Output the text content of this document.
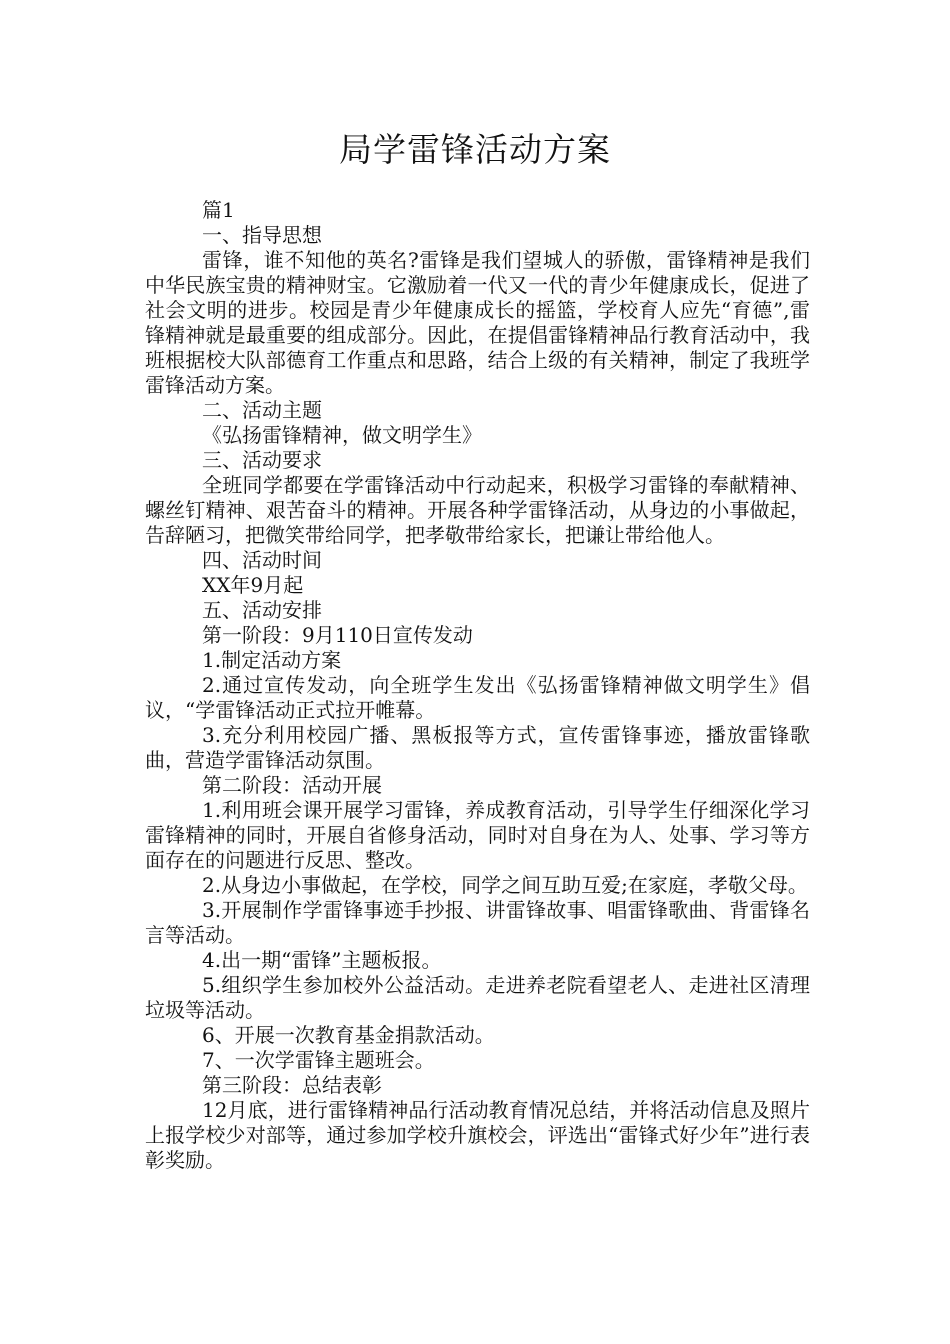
局学雷锋活动方案

篇1

一、指导思想

雷锋，谁不知他的英名?雷锋是我们望城人的骄傲，雷锋精神是我们中华民族宝贵的精神财宝。它激励着一代又一代的青少年健康成长，促进了社会文明的进步。校园是青少年健康成长的摇篮，学校育人应先“育德”,雷锋精神就是最重要的组成部分。因此，在提倡雷锋精神品行教育活动中，我班根据校大队部德育工作重点和思路，结合上级的有关精神，制定了我班学雷锋活动方案。

二、活动主题

《弘扬雷锋精神，做文明学生》

三、活动要求

全班同学都要在学雷锋活动中行动起来，积极学习雷锋的奉献精神、螺丝钉精神、艰苦奋斗的精神。开展各种学雷锋活动，从身边的小事做起，告辞陋习，把微笑带给同学，把孝敬带给家长，把谦让带给他人。

四、活动时间

XX年9月起

五、活动安排

第一阶段：9月110日宣传发动

1.制定活动方案

2.通过宣传发动，向全班学生发出《弘扬雷锋精神做文明学生》倡议，“学雷锋活动正式拉开帷幕。

3.充分利用校园广播、黑板报等方式，宣传雷锋事迹，播放雷锋歌曲，营造学雷锋活动氛围。

第二阶段：活动开展

1.利用班会课开展学习雷锋，养成教育活动，引导学生仔细深化学习雷锋精神的同时，开展自省修身活动，同时对自身在为人、处事、学习等方面存在的问题进行反思、整改。

2.从身边小事做起，在学校，同学之间互助互爱;在家庭，孝敬父母。

3.开展制作学雷锋事迹手抄报、讲雷锋故事、唱雷锋歌曲、背雷锋名言等活动。

4.出一期“雷锋”主题板报。

5.组织学生参加校外公益活动。走进养老院看望老人、走进社区清理垃圾等活动。

6、开展一次教育基金捐款活动。

7、一次学雷锋主题班会。

第三阶段：总结表彰

12月底，进行雷锋精神品行活动教育情况总结，并将活动信息及照片上报学校少对部等，通过参加学校升旗校会，评选出“雷锋式好少年”进行表彰奖励。
